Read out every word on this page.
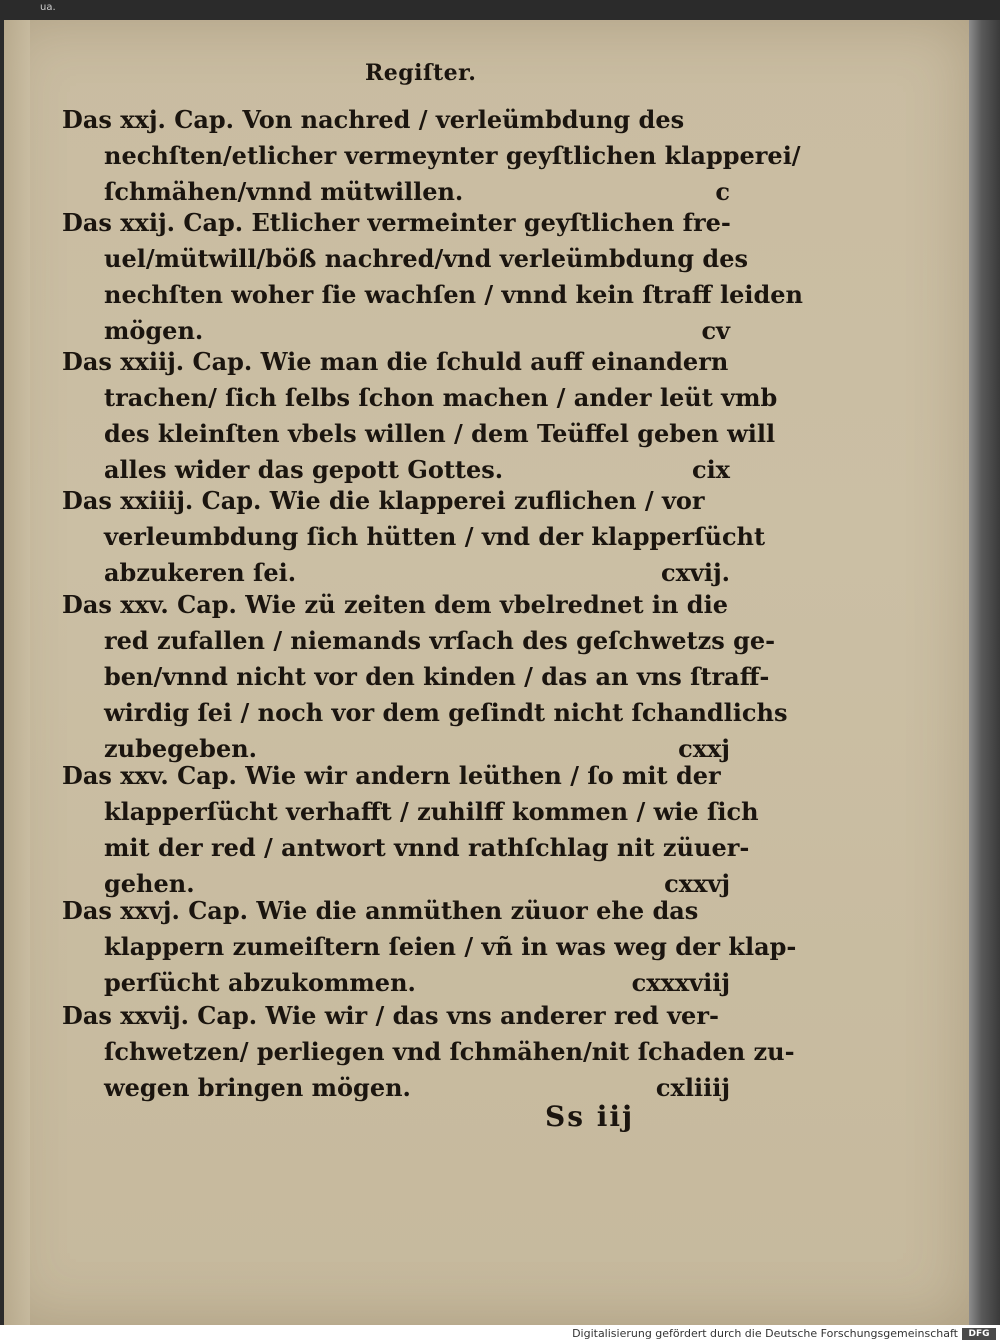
ua.
Regiſter.
Das xxj. Cap. Von nachred / verleümbdung des
nechſten/etlicher vermeynter geyſtlichen klapperei/
ſchmähen/vnnd mütwillen.	c
Das xxij. Cap. Etlicher vermeinter geyſtlichen fre-
uel/mütwill/böß nachred/vnd verleümbdung des
nechſten woher ſie wachſen / vnnd kein ſtraff leiden
mögen.	cv
Das xxiij. Cap. Wie man die ſchuld auff einandern
trachen/ ſich ſelbs ſchon machen / ander leüt vmb
des kleinſten vbels willen / dem Teüffel geben will
alles wider das gepott Gottes.	cix
Das xxiiij. Cap. Wie die klapperei zuflichen / vor
verleumbdung ſich hütten / vnd der klapperſücht
abzukeren ſei.	cxvij.
Das xxv. Cap. Wie zü zeiten dem vbelrednet in die
red zufallen / niemands vrſach des geſchwetzs ge-
ben/vnnd nicht vor den kinden / das an vns ſtraff-
wirdig ſei / noch vor dem geſindt nicht ſchandlichs
zubegeben.	cxxj
Das xxv. Cap. Wie wir andern leüthen / ſo mit der
klapperſücht verhafft / zuhilff kommen / wie ſich
mit der red / antwort vnnd rathſchlag nit züuer-
gehen.	cxxvj
Das xxvj. Cap. Wie die anmüthen züuor ehe das
klappern zumeiſtern ſeien / vñ in was weg der klap-
perſücht abzukommen.	cxxxviij
Das xxvij. Cap. Wie wir / das vns anderer red ver-
ſchwetzen/ perliegen vnd ſchmähen/nit ſchaden zu-
wegen bringen mögen.	cxliiij
Ss iij
Digitalisierung gefördert durch die Deutsche Forschungsgemeinschaft	DFG
